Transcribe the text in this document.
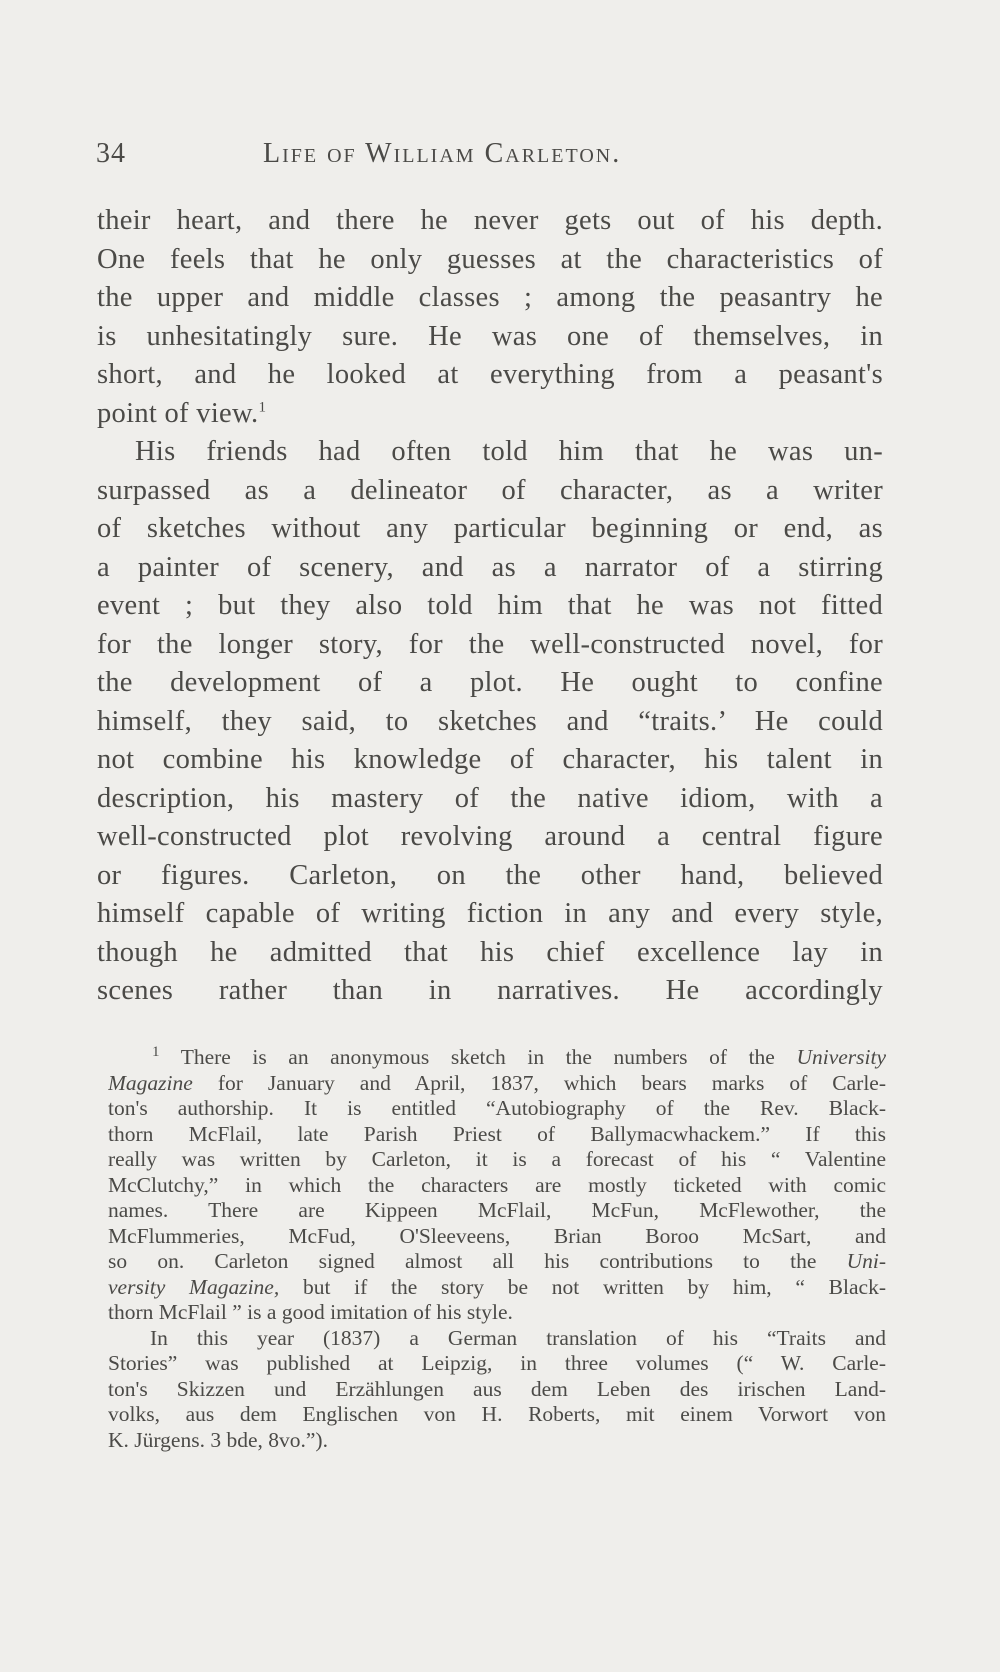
34	Life of William Carleton.
their heart, and there he never gets out of his depth.
One feels that he only guesses at the characteristics of
the upper and middle classes ; among the peasantry he
is unhesitatingly sure. He was one of themselves, in
short, and he looked at everything from a peasant's
point of view.$^1$
His friends had often told him that he was un-
surpassed as a delineator of character, as a writer
of sketches without any particular beginning or end, as
a painter of scenery, and as a narrator of a stirring
event ; but they also told him that he was not fitted
for the longer story, for the well-constructed novel, for
the development of a plot. He ought to confine
himself, they said, to sketches and “traits.’ He could
not combine his knowledge of character, his talent in
description, his mastery of the native idiom, with a
well-constructed plot revolving around a central figure
or figures. Carleton, on the other hand, believed
himself capable of writing fiction in any and every style,
though he admitted that his chief excellence lay in
scenes rather than in narratives. He accordingly
$^1$ There is an anonymous sketch in the numbers of the University
Magazine for January and April, 1837, which bears marks of Carle-
ton's authorship. It is entitled “Autobiography of the Rev. Black-
thorn McFlail, late Parish Priest of Ballymacwhackem.” If this
really was written by Carleton, it is a forecast of his “ Valentine
McClutchy,” in which the characters are mostly ticketed with comic
names. There are Kippeen McFlail, McFun, McFlewother, the
McFlummeries, McFud, O'Sleeveens, Brian Boroo McSart, and
so on. Carleton signed almost all his contributions to the Uni-
versity Magazine, but if the story be not written by him, “ Black-
thorn McFlail ” is a good imitation of his style.
In this year (1837) a German translation of his “Traits and
Stories” was published at Leipzig, in three volumes (“ W. Carle-
ton's Skizzen und Erzählungen aus dem Leben des irischen Land-
volks, aus dem Englischen von H. Roberts, mit einem Vorwort von
K. Jürgens. 3 bde, 8vo.”).
